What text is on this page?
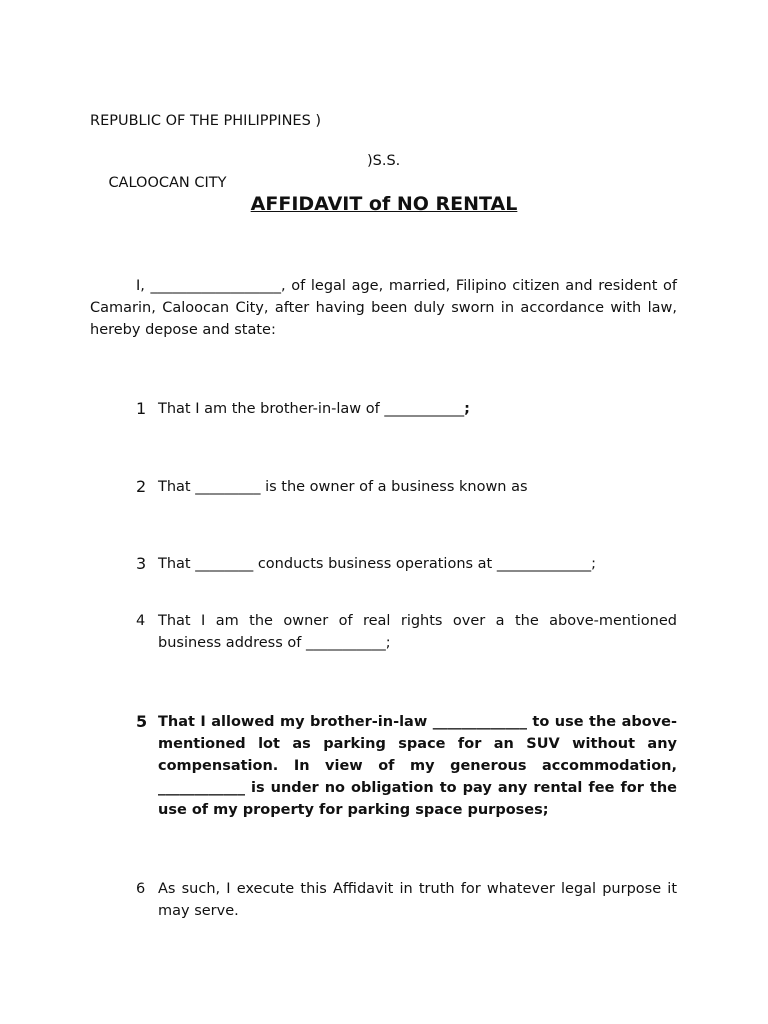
REPUBLIC OF THE PHILIPPINES )

CALOOCAN CITY

)S.S.

AFFIDAVIT of NO RENTAL
I, __________________, of legal age, married, Filipino citizen and resident of Camarin, Caloocan City, after having been duly sworn in accordance with law, hereby depose and state:
1 That I am the brother-in-law of ___________;
2 That _________ is the owner of a business known as
3 That ________ conducts business operations at _____________;
4 That I am the owner of real rights over a the above-mentioned business address of ___________;
5 That I allowed my brother-in-law _____________ to use the above-mentioned lot as parking space for an SUV without any compensation. In view of my generous accommodation, ____________ is under no obligation to pay any rental fee for the use of my property for parking space purposes;
6 As such, I execute this Affidavit in truth for whatever legal purpose it may serve.
